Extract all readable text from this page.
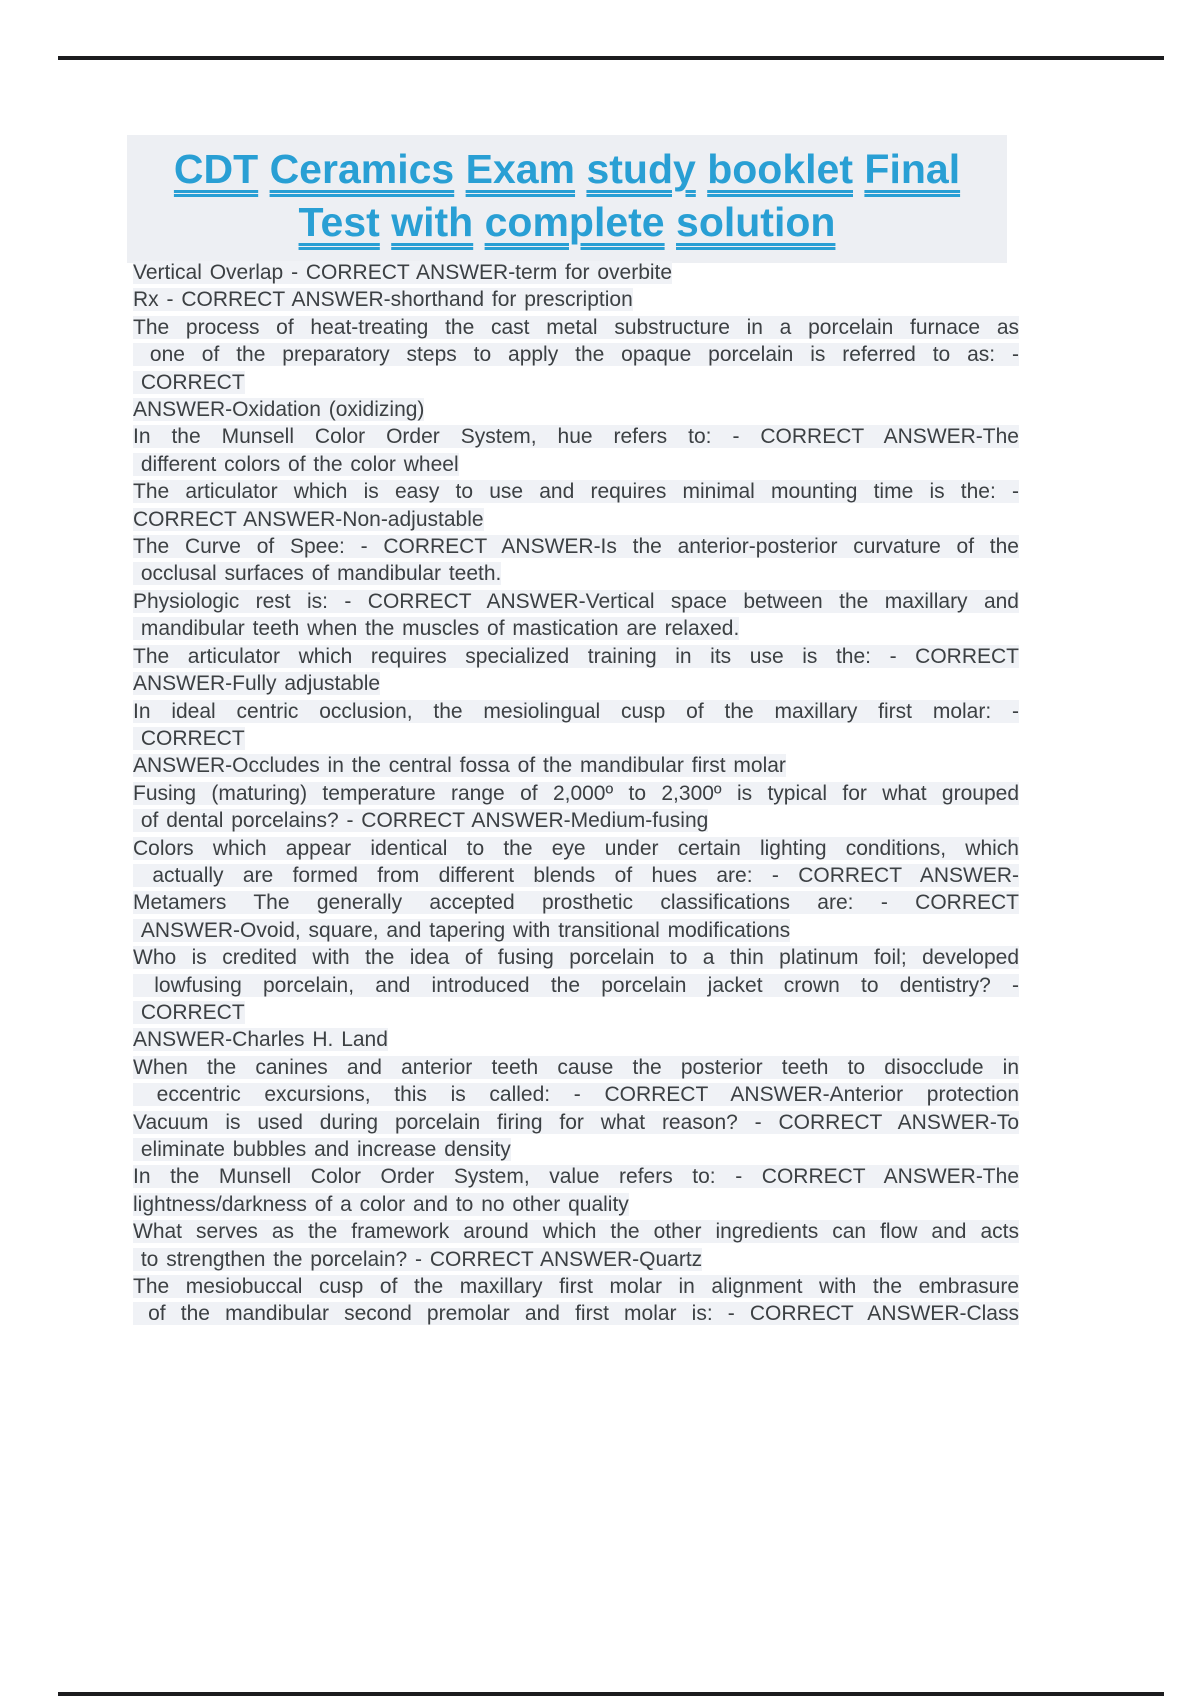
CDT Ceramics Exam study booklet Final
Test with complete solution
Vertical Overlap - CORRECT ANSWER-term for overbite
Rx - CORRECT ANSWER-shorthand for prescription
The process of heat-treating the cast metal substructure in a porcelain furnace as
one of the preparatory steps to apply the opaque porcelain is referred to as: -
CORRECT
ANSWER-Oxidation (oxidizing)
In the Munsell Color Order System, hue refers to: - CORRECT ANSWER-The
different colors of the color wheel
The articulator which is easy to use and requires minimal mounting time is the: -
CORRECT ANSWER-Non-adjustable
The Curve of Spee: - CORRECT ANSWER-Is the anterior-posterior curvature of the
occlusal surfaces of mandibular teeth.
Physiologic rest is: - CORRECT ANSWER-Vertical space between the maxillary and
mandibular teeth when the muscles of mastication are relaxed.
The articulator which requires specialized training in its use is the: - CORRECT
ANSWER-Fully adjustable
In ideal centric occlusion, the mesiolingual cusp of the maxillary first molar: -
CORRECT
ANSWER-Occludes in the central fossa of the mandibular first molar
Fusing (maturing) temperature range of 2,000º to 2,300º is typical for what grouped
of dental porcelains? - CORRECT ANSWER-Medium-fusing
Colors which appear identical to the eye under certain lighting conditions, which
actually are formed from different blends of hues are: - CORRECT ANSWER-
Metamers The generally accepted prosthetic classifications are: - CORRECT
ANSWER-Ovoid, square, and tapering with transitional modifications
Who is credited with the idea of fusing porcelain to a thin platinum foil; developed
lowfusing porcelain, and introduced the porcelain jacket crown to dentistry? -
CORRECT
ANSWER-Charles H. Land
When the canines and anterior teeth cause the posterior teeth to disocclude in
eccentric excursions, this is called: - CORRECT ANSWER-Anterior protection
Vacuum is used during porcelain firing for what reason? - CORRECT ANSWER-To
eliminate bubbles and increase density
In the Munsell Color Order System, value refers to: - CORRECT ANSWER-The
lightness/darkness of a color and to no other quality
What serves as the framework around which the other ingredients can flow and acts
to strengthen the porcelain? - CORRECT ANSWER-Quartz
The mesiobuccal cusp of the maxillary first molar in alignment with the embrasure
of the mandibular second premolar and first molar is: - CORRECT ANSWER-Class
